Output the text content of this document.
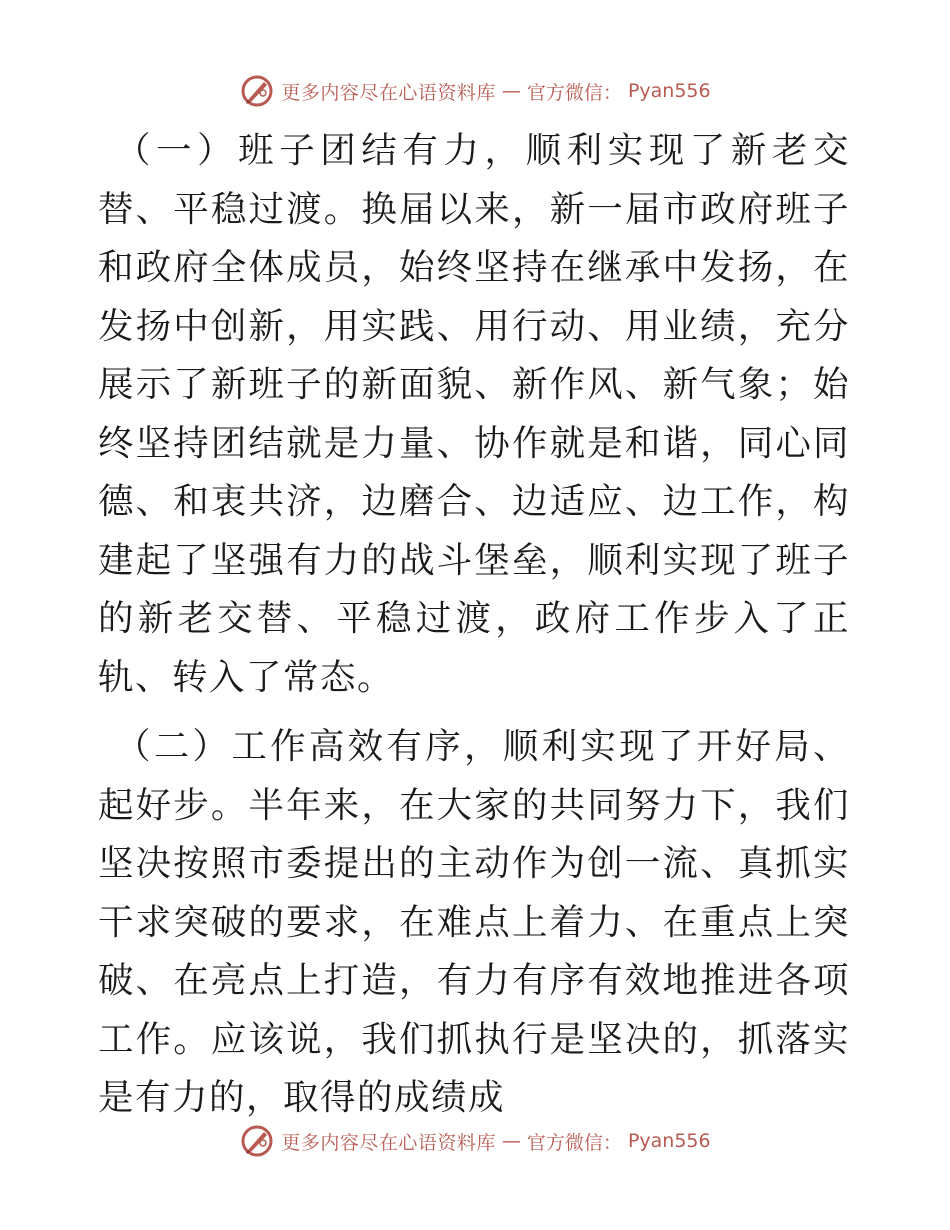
更多内容尽在心语资料库 — 官方微信： Pyan556

（一）班子团结有力，顺利实现了新老交替、平稳过渡。换届以来，新一届市政府班子和政府全体成员，始终坚持在继承中发扬，在发扬中创新，用实践、用行动、用业绩，充分展示了新班子的新面貌、新作风、新气象；始终坚持团结就是力量、协作就是和谐，同心同德、和衷共济，边磨合、边适应、边工作，构建起了坚强有力的战斗堡垒，顺利实现了班子的新老交替、平稳过渡，政府工作步入了正轨、转入了常态。

（二）工作高效有序，顺利实现了开好局、起好步。半年来，在大家的共同努力下，我们坚决按照市委提出的主动作为创一流、真抓实干求突破的要求，在难点上着力、在重点上突破、在亮点上打造，有力有序有效地推进各项工作。应该说，我们抓执行是坚决的，抓落实是有力的，取得的成绩成

更多内容尽在心语资料库 — 官方微信： Pyan556
